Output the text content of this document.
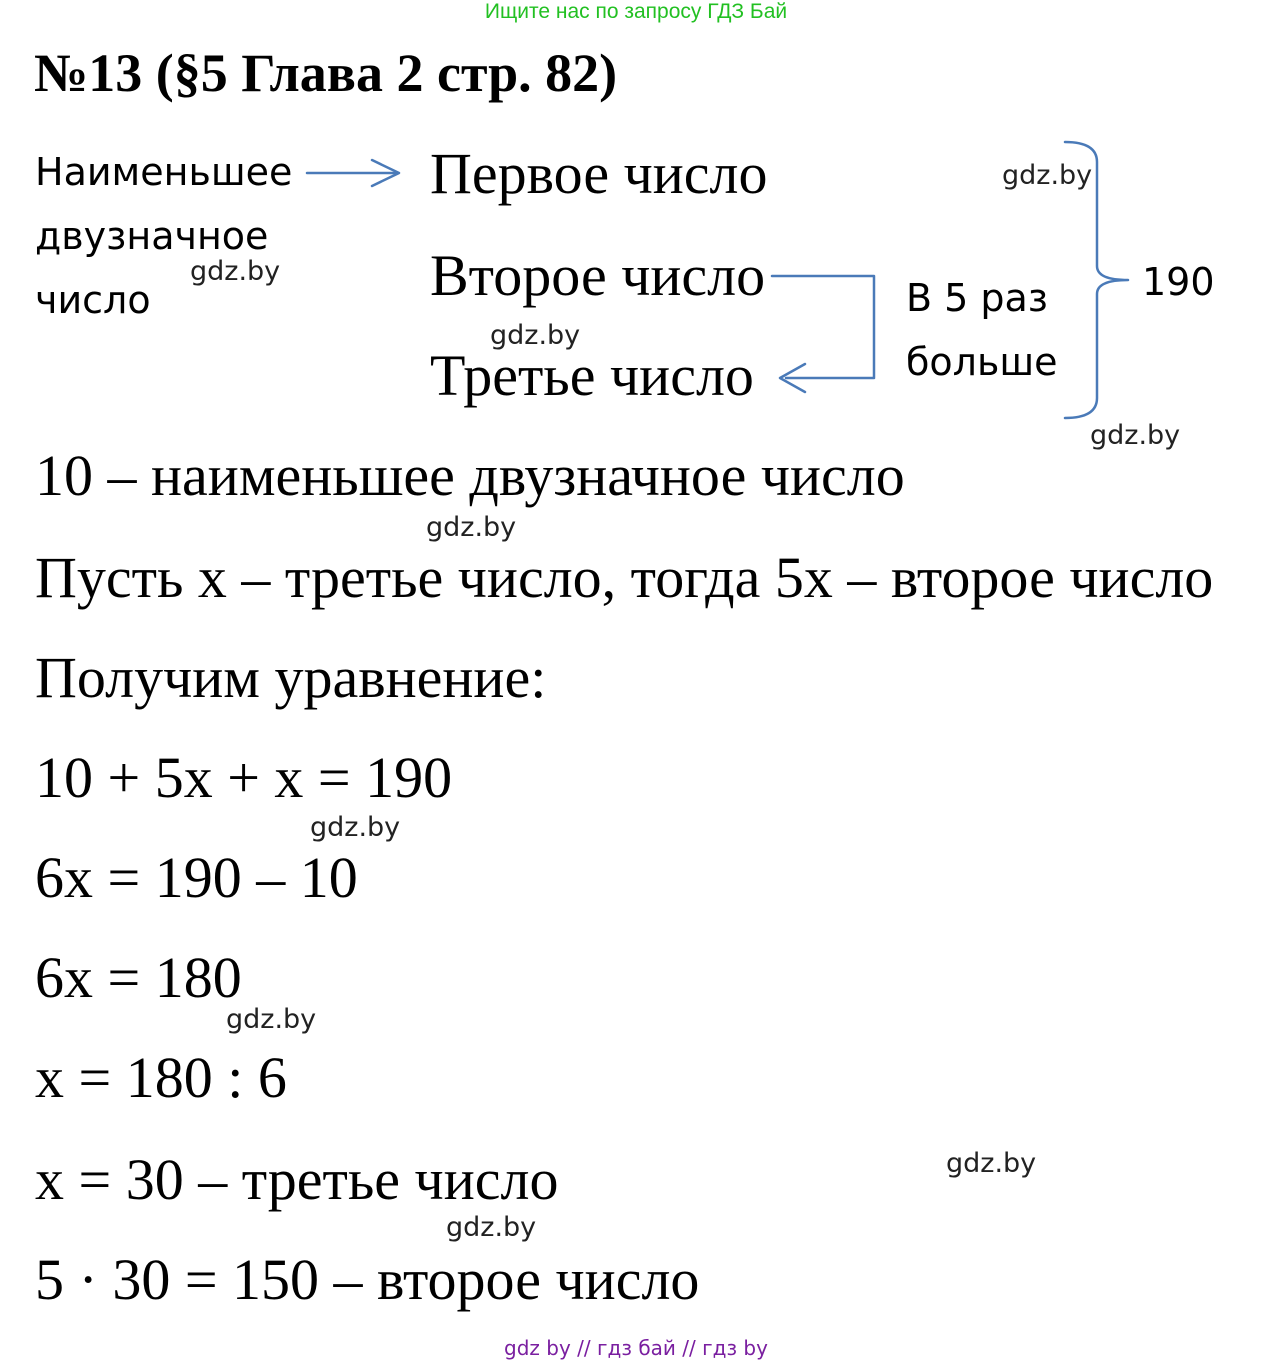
Ищите нас по запросу ГДЗ Бай
№13 (§5 Глава 2 стр. 82)
Наименьшее
двузначное
число
Первое число
Второе число
Третье число
В 5 раз
больше
190
10 – наименьшее двузначное число
Пусть x – третье число, тогда 5x – второе число
Получим уравнение:
10 + 5x + x = 190
6x = 190 – 10
6x = 180
x = 180 : 6
x = 30 – третье число
5 · 30 = 150 – второе число
gdz.by
gdz.by
gdz.by
gdz.by
gdz.by
gdz.by
gdz.by
gdz.by
gdz.by
gdz by // гдз бай // гдз by
